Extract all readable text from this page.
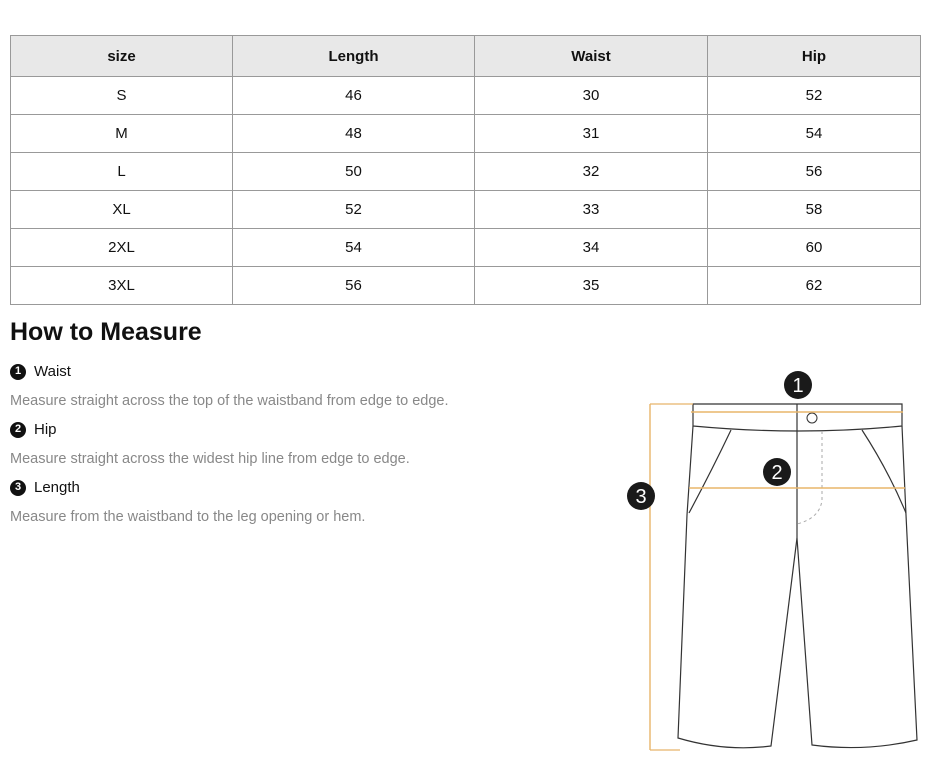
size	Length	Waist	Hip
S	46	30	52
M	48	31	54
L	50	32	56
XL	52	33	58
2XL	54	34	60
3XL	56	35	62
How to Measure
1 Waist

Measure straight across the top of the waistband from edge to edge.

2 Hip

Measure straight across the widest hip line from edge to edge.

3 Length

Measure from the waistband to the leg opening or hem.

1
2
3
